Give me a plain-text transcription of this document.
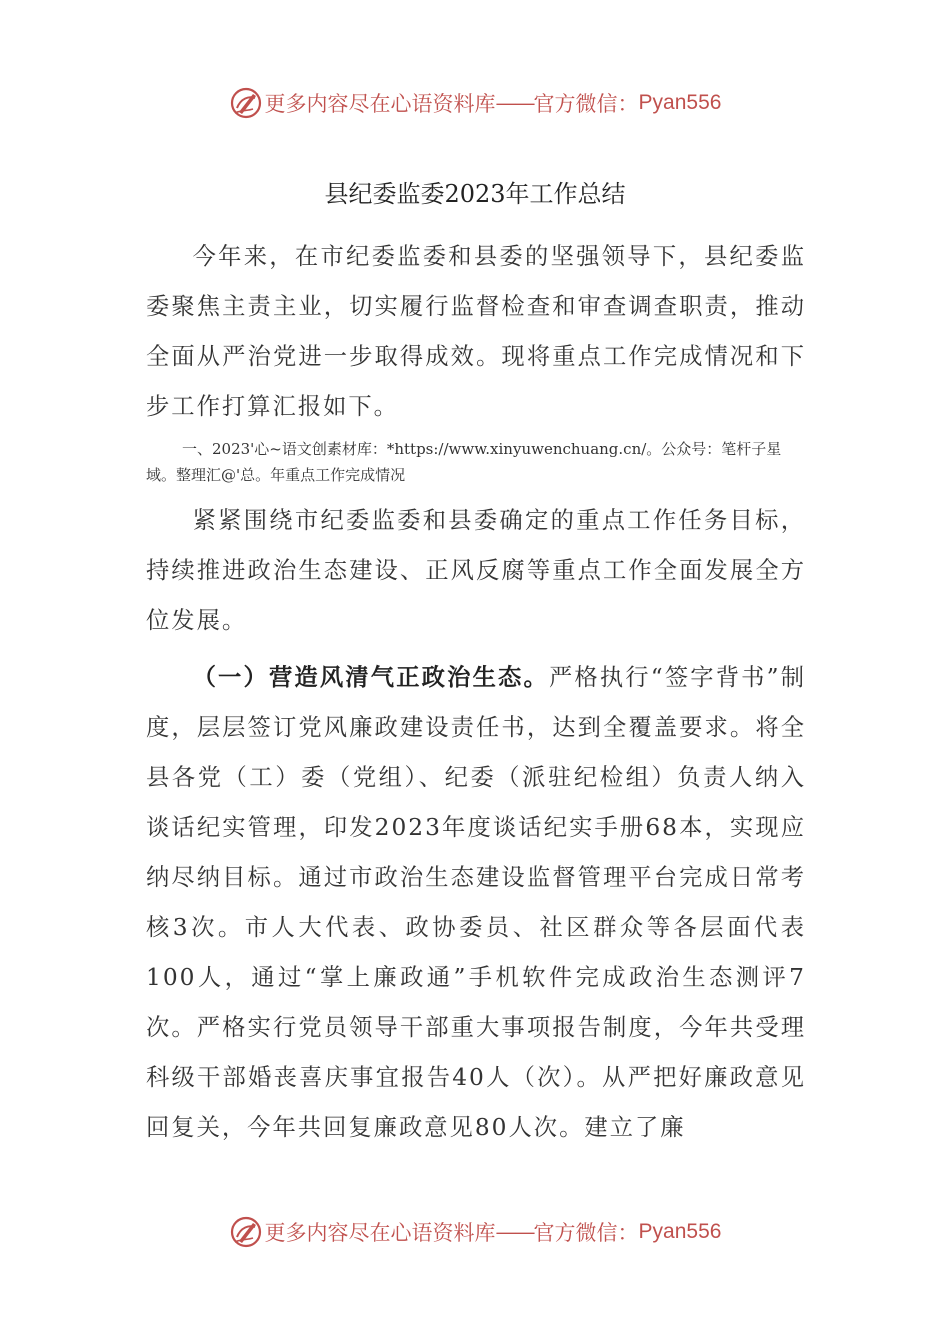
更多内容尽在心语资料库 —— 官方微信： Pyan556
县纪委监委2023年工作总结

今年来，在市纪委监委和县委的坚强领导下，县纪委监委聚焦主责主业，切实履行监督检查和审查调查职责，推动全面从严治党进一步取得成效。现将重点工作完成情况和下步工作打算汇报如下。

一、2023'心~语文创素材库：*https://www.xinyuwenchuang.cn/。公众号：笔杆子星域。整理汇@'总。年重点工作完成情况

紧紧围绕市纪委监委和县委确定的重点工作任务目标，持续推进政治生态建设、正风反腐等重点工作全面发展全方位发展。

（一）营造风清气正政治生态。严格执行“签字背书”制度，层层签订党风廉政建设责任书，达到全覆盖要求。将全县各党（工）委（党组）、纪委（派驻纪检组）负责人纳入谈话纪实管理，印发2023年度谈话纪实手册68本，实现应纳尽纳目标。通过市政治生态建设监督管理平台完成日常考核3次。市人大代表、政协委员、社区群众等各层面代表100人，通过“掌上廉政通”手机软件完成政治生态测评7次。严格实行党员领导干部重大事项报告制度，今年共受理科级干部婚丧喜庆事宜报告40人（次）。从严把好廉政意见回复关，今年共回复廉政意见80人次。建立了廉

更多内容尽在心语资料库 —— 官方微信： Pyan556
